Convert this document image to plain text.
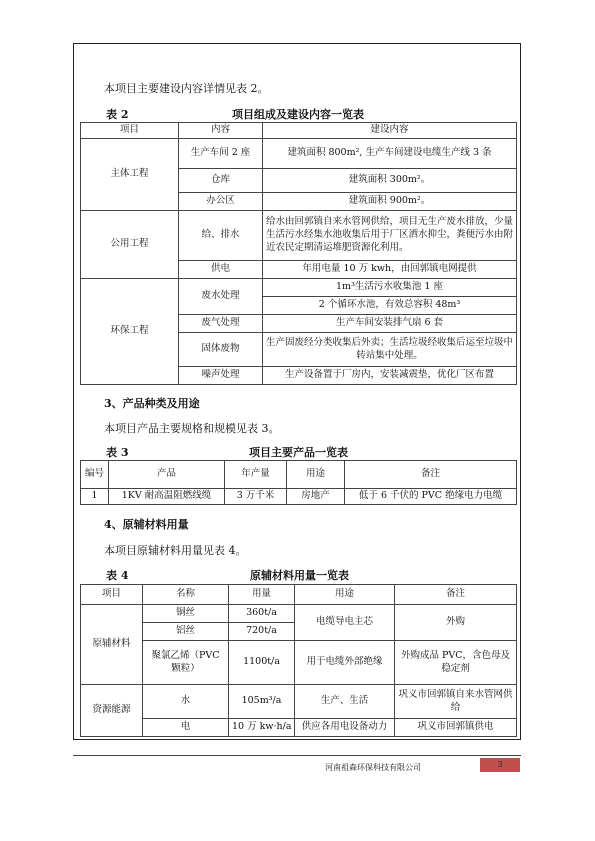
本项目主要建设内容详情见表 2。
表 2	项目组成及建设内容一览表
项目	内容	建设内容
主体工程	生产车间 2 座	建筑面积 800m², 生产车间建设电缆生产线 3 条
	仓库	建筑面积 300m²。
	办公区	建筑面积 900m²。
公用工程	给、排水	给水由回郭镇自来水管网供给，项目无生产废水排放，少量生活污水经集水池收集后用于厂区洒水抑尘，粪便污水由附近农民定期清运堆肥资源化利用。
	供电	年用电量 10 万 kwh，由回郭镇电网提供
环保工程	废水处理	1m³生活污水收集池 1 座
		2 个循环水池，有效总容积 48m³
	废气处理	生产车间安装排气扇 6 套
	固体废物	生产固废经分类收集后外卖；生活垃圾经收集后运至垃圾中转站集中处理。
	噪声处理	生产设备置于厂房内，安装减震垫，优化厂区布置
3、产品种类及用途
本项目产品主要规格和规模见表 3。
表 3	项目主要产品一览表
编号	产品	年产量	用途	备注
1	1KV 耐高温阻燃线缆	3 万千米	房地产	低于 6 千伏的 PVC 绝缘电力电缆
4、原辅材料用量
本项目原辅材料用量见表 4。
表 4	原辅材料用量一览表
项目	名称	用量	用途	备注
原辅材料	铜丝	360t/a	电缆导电主芯	外购
	铝丝	720t/a		
	聚氯乙烯（PVC 颗粒）	1100t/a	用于电缆外部绝缘	外购成品 PVC，含色母及稳定剂
资源能源	水	105m³/a	生产、生活	巩义市回郭镇自来水管网供给
	电	10 万 kw·h/a	供应各用电设备动力	巩义市回郭镇供电
河南祖森环保科技有限公司	3
